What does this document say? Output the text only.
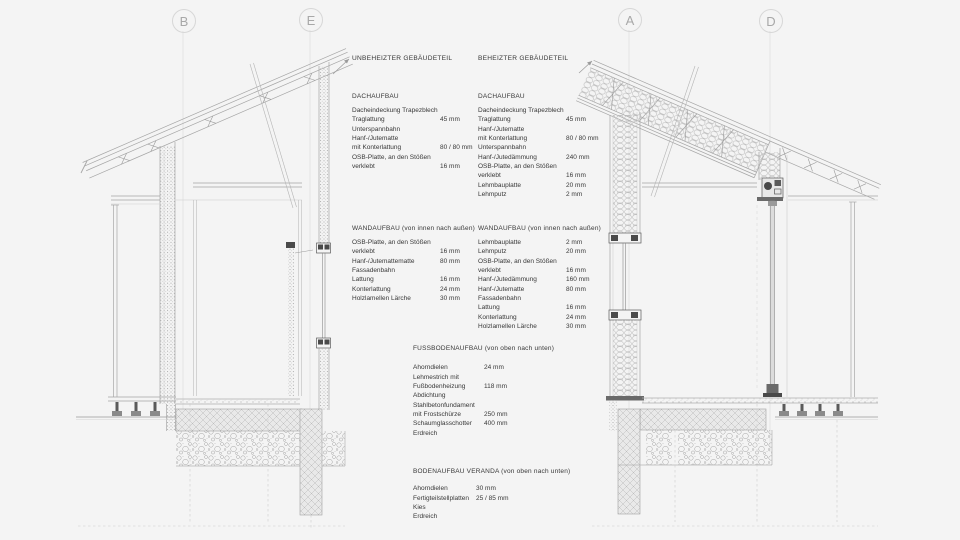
B	E	A	D
UNBEHEIZTER GEBÄUDETEIL	BEHEIZTER GEBÄUDETEIL
DACHAUFBAU
Dacheindeckung Trapezblech
Traglattung	45 mm
Unterspannbahn
Hanf-/Jutematte
mit Konterlattung	80 / 80 mm
OSB-Platte, an den Stößen
verklebt	16 mm
DACHAUFBAU
Dacheindeckung Trapezblech
Traglattung	45 mm
Hanf-/Jutematte
mit Konterlattung	80 / 80 mm
Unterspannbahn
Hanf-/Jutedämmung	240 mm
OSB-Platte, an den Stößen
verklebt	16 mm
Lehmbauplatte	20 mm
Lehmputz	2 mm
WANDAUFBAU (von innen nach außen)
OSB-Platte, an den Stößen
verklebt	16 mm
Hanf-/Jutemattematte	80 mm
Fassadenbahn
Lattung	16 mm
Konterlattung	24 mm
Holzlamellen Lärche	30 mm
WANDAUFBAU (von innen nach außen)
Lehmbauplatte	2 mm
Lehmputz	20 mm
OSB-Platte, an den Stößen
verklebt	16 mm
Hanf-/Jutedämmung	160 mm
Hanf-/Jutematte	80 mm
Fassadenbahn
Lattung	16 mm
Konterlattung	24 mm
Holzlamellen Lärche	30 mm
FUSSBODENAUFBAU (von oben nach unten)
Ahorndielen	24 mm
Lehmestrich mit
Fußbodenheizung	118 mm
Abdichtung
Stahlbetonfundament
mit Frostschürze	250 mm
Schaumglasschotter 400 mm
Erdreich
BODENAUFBAU VERANDA (von oben nach unten)
Ahorndielen	30 mm
Fertigteilstellplatten 25 / 85 mm
Kies
Erdreich
